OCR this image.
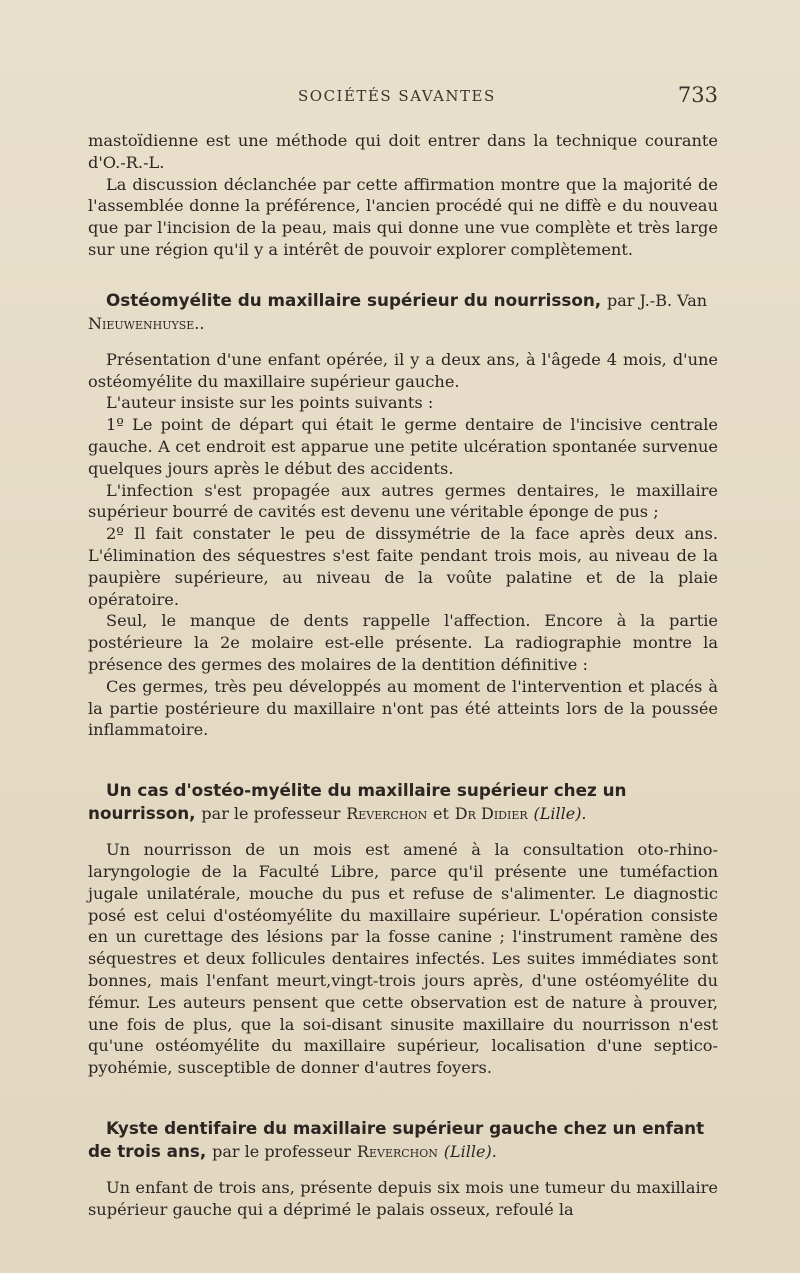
SOCIÉTÉS SAVANTES	733

mastoïdienne est une méthode qui doit entrer dans la technique courante d'O.-R.-L.

La discussion déclanchée par cette affirmation montre que la majorité de l'assemblée donne la préférence, l'ancien procédé qui ne diffè e du nouveau que par l'incision de la peau, mais qui donne une vue complète et très large sur une région qu'il y a intérêt de pouvoir explorer complètement.

Ostéomyélite du maxillaire supérieur du nourrisson, par J.-B. Van Nieuwenhuyse..

Présentation d'une enfant opérée, il y a deux ans, à l'âgede 4 mois, d'une ostéomyélite du maxillaire supérieur gauche.

L'auteur insiste sur les points suivants :

1º Le point de départ qui était le germe dentaire de l'incisive centrale gauche. A cet endroit est apparue une petite ulcération spontanée survenue quelques jours après le début des accidents.

L'infection s'est propagée aux autres germes dentaires, le maxillaire supérieur bourré de cavités est devenu une véritable éponge de pus ;

2º Il fait constater le peu de dissymétrie de la face après deux ans. L'élimination des séquestres s'est faite pendant trois mois, au niveau de la paupière supérieure, au niveau de la voûte palatine et de la plaie opératoire.

Seul, le manque de dents rappelle l'affection. Encore à la partie postérieure la 2e molaire est-elle présente. La radiographie montre la présence des germes des molaires de la dentition définitive :

Ces germes, très peu développés au moment de l'intervention et placés à la partie postérieure du maxillaire n'ont pas été atteints lors de la poussée inflammatoire.

Un cas d'ostéo-myélite du maxillaire supérieur chez un nourrisson, par le professeur Reverchon et Dr Didier (Lille).

Un nourrisson de un mois est amené à la consultation oto-rhino-laryngologie de la Faculté Libre, parce qu'il présente une tuméfaction jugale unilatérale, mouche du pus et refuse de s'alimenter. Le diagnostic posé est celui d'ostéomyélite du maxillaire supérieur. L'opération consiste en un curettage des lésions par la fosse canine ; l'instrument ramène des séquestres et deux follicules dentaires infectés. Les suites immédiates sont bonnes, mais l'enfant meurt,vingt-trois jours après, d'une ostéomyélite du fémur. Les auteurs pensent que cette observation est de nature à prouver, une fois de plus, que la soi-disant sinusite maxillaire du nourrisson n'est qu'une ostéomyélite du maxillaire supérieur, localisation d'une septico-pyohémie, susceptible de donner d'autres foyers.

Kyste dentifaire du maxillaire supérieur gauche chez un enfant de trois ans, par le professeur Reverchon (Lille).

Un enfant de trois ans, présente depuis six mois une tumeur du maxillaire supérieur gauche qui a déprimé le palais osseux, refoulé la
